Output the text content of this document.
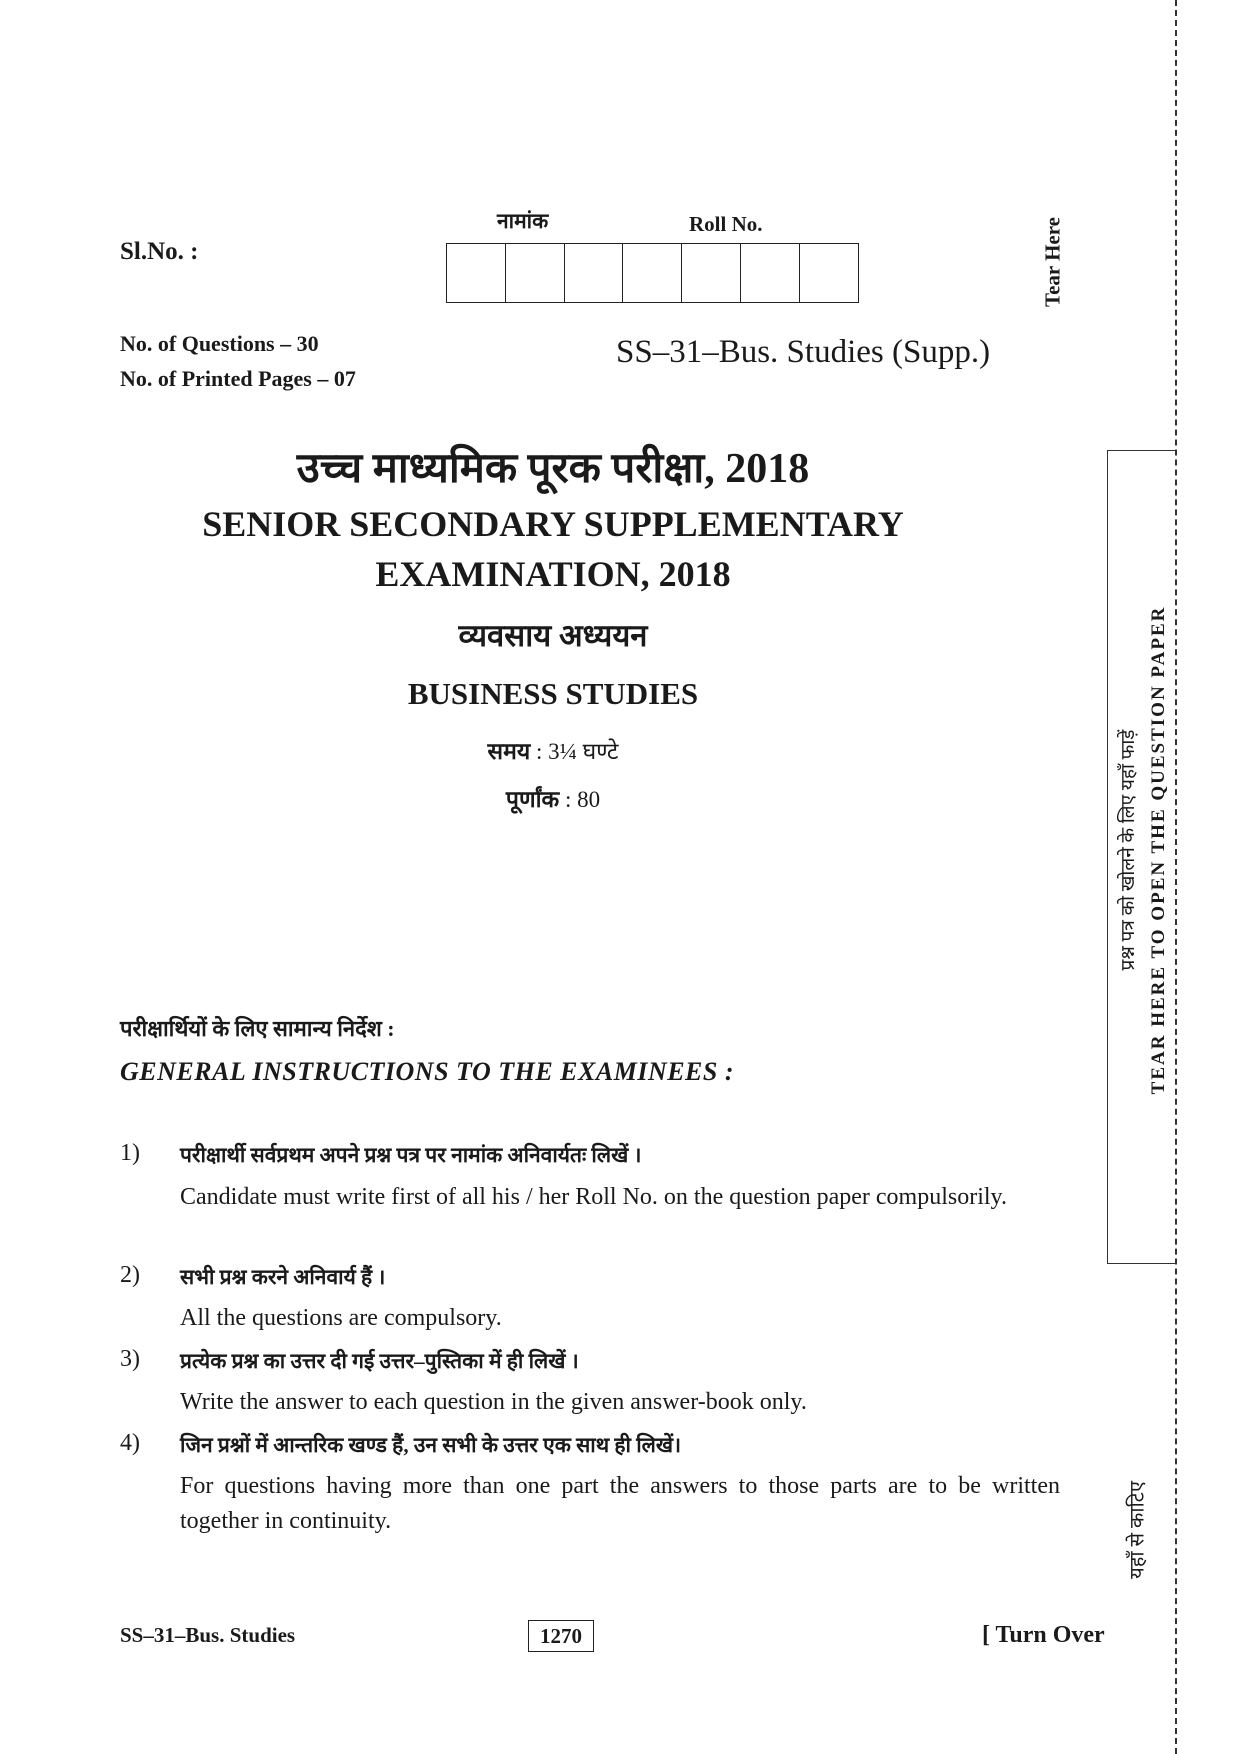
Sl.No. :
नामांक	Roll No.
No. of Questions – 30
No. of Printed Pages – 07
SS–31–Bus. Studies (Supp.)
उच्च माध्यमिक पूरक परीक्षा, 2018
SENIOR SECONDARY SUPPLEMENTARY
EXAMINATION, 2018
व्यवसाय अध्ययन
BUSINESS STUDIES
समय : 3¼ घण्टे
पूर्णांक : 80
परीक्षार्थियों के लिए सामान्य निर्देश :
GENERAL INSTRUCTIONS TO THE EXAMINEES :
1) परीक्षार्थी सर्वप्रथम अपने प्रश्न पत्र पर नामांक अनिवार्यतः लिखें ।
Candidate must write first of all his / her Roll No. on the question paper compulsorily.
2) सभी प्रश्न करने अनिवार्य हैं ।
All the questions are compulsory.
3) प्रत्येक प्रश्न का उत्तर दी गई उत्तर–पुस्तिका में ही लिखें ।
Write the answer to each question in the given answer-book only.
4) जिन प्रश्नों में आन्तरिक खण्ड हैं, उन सभी के उत्तर एक साथ ही लिखें।
For questions having more than one part the answers to those parts are to be written together in continuity.
SS–31–Bus. Studies	1270	[ Turn Over
Tear Here
TEAR HERE TO OPEN THE QUESTION PAPER
प्रश्न पत्र को खोलने के लिए यहाँ फाड़ें
यहाँ से काटिए
